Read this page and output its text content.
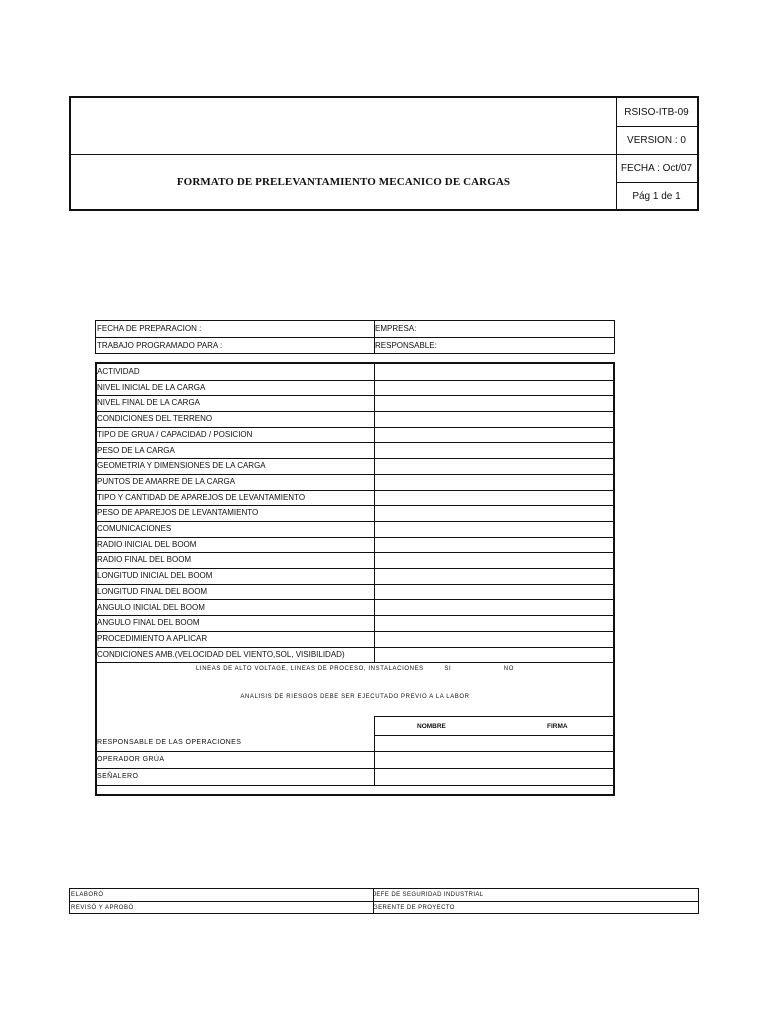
FORMATO DE PRELEVANTAMIENTO MECANICO DE CARGAS
RSISO-ITB-09
VERSION : 0
FECHA : Oct/07
Pág 1 de 1
FECHA DE PREPARACION :	EMPRESA:
TRABAJO PROGRAMADO PARA :	RESPONSABLE:
ACTIVIDAD
NIVEL INICIAL DE LA CARGA
NIVEL FINAL DE LA CARGA
CONDICIONES DEL TERRENO
TIPO DE GRUA / CAPACIDAD / POSICION
PESO DE LA CARGA
GEOMETRIA Y DIMENSIONES DE LA CARGA
PUNTOS DE AMARRE DE LA CARGA
TIPO Y CANTIDAD DE APAREJOS DE LEVANTAMIENTO
PESO DE APAREJOS DE LEVANTAMIENTO
COMUNICACIONES
RADIO INICIAL DEL BOOM
RADIO FINAL DEL BOOM
LONGITUD INICIAL DEL BOOM
LONGITUD FINAL DEL BOOM
ANGULO INICIAL DEL BOOM
ANGULO FINAL DEL BOOM
PROCEDIMIENTO A APLICAR
CONDICIONES AMB.(VELOCIDAD DEL VIENTO,SOL, VISIBILIDAD)
LINEAS DE ALTO VOLTAGE, LINEAS DE PROCESO, INSTALACIONES	SI	NO
ANALISIS DE RIESGOS DEBE SER EJECUTADO PREVIO A LA LABOR
NOMBRE	FIRMA
RESPONSABLE DE LAS OPERACIONES
OPERADOR GRÚA
SEÑALERO
ELABORÓ	JEFE DE SEGURIDAD INDUSTRIAL
REVISÓ Y APROBÓ	GERENTE DE PROYECTO
